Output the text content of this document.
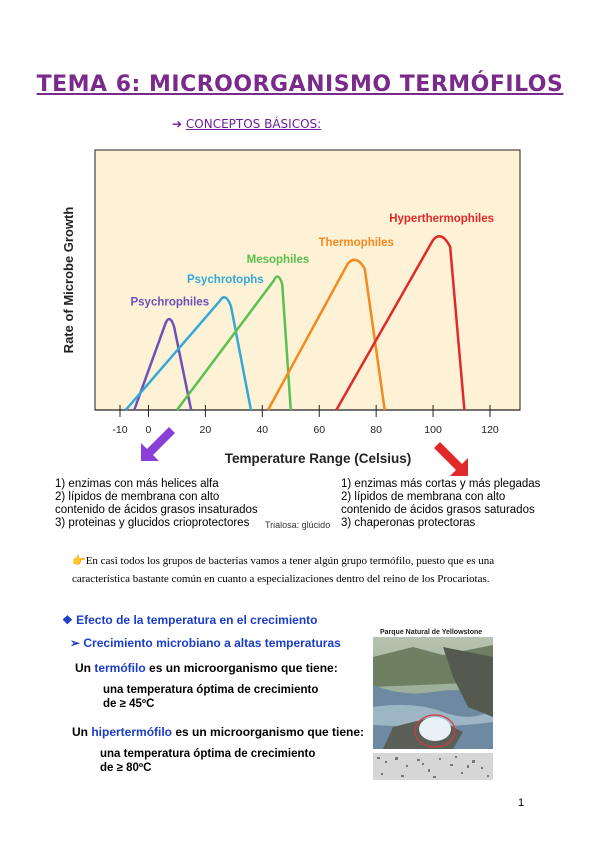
TEMA 6: MICROORGANISMO TERMÓFILOS
➔ CONCEPTOS BÁSICOS:
-10 0	20	40	60	80	100	120
Psychrophiles
Psychrotophs
Mesophiles
Thermophiles
Hyperthermophiles
Rate of Microbe Growth
Temperature Range (Celsius)
1) enzimas con más helices alfa
2) lípidos de membrana con alto
contenido de ácidos grasos insaturados
3) proteinas y glucidos crioprotectores	Trialosa: glúcido
1) enzimas más cortas y más plegadas
2) lípidos de membrana con alto
contenido de ácidos grasos saturados
3) chaperonas protectoras
👉En casi todos los grupos de bacterias vamos a tener algún grupo termófilo, puesto que es una característica bastante común en cuanto a especializaciones dentro del reino de los Procariotas.
❖ Efecto de la temperatura en el crecimiento
➢ Crecimiento microbiano a altas temperaturas
Un termófilo es un microorganismo que tiene:
una temperatura óptima de crecimiento
de ≥ 45ºC
Un hipertermófilo es un microorganismo que tiene:
una temperatura óptima de crecimiento
de ≥ 80ºC
Parque Natural de Yellowstone
1
